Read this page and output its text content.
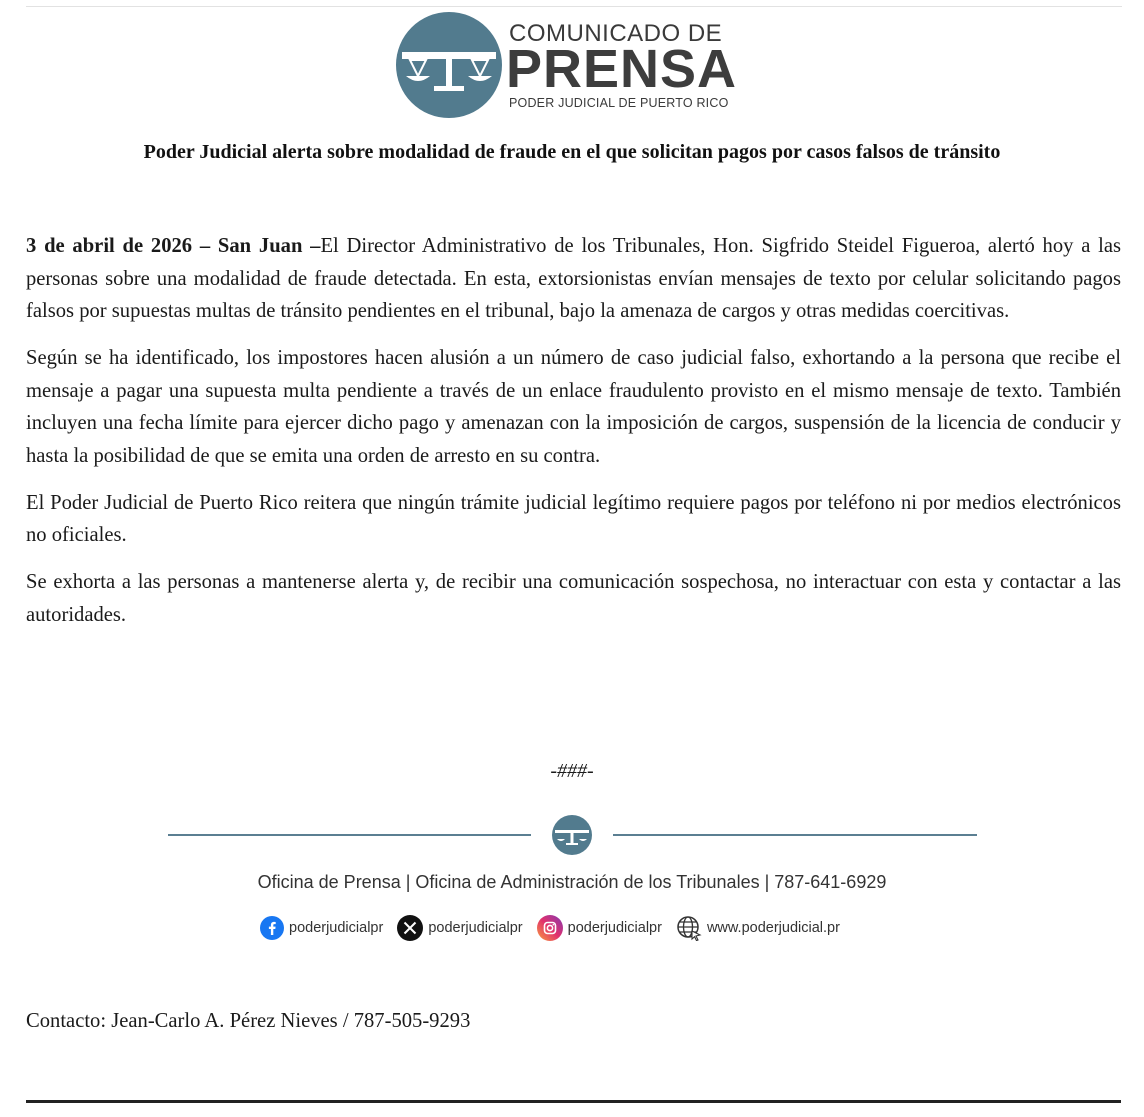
COMUNICADO DE
PRENSA
PODER JUDICIAL DE PUERTO RICO
Poder Judicial alerta sobre modalidad de fraude en el que solicitan pagos por casos falsos de tránsito

3 de abril de 2026 – San Juan –El Director Administrativo de los Tribunales, Hon. Sigfrido Steidel Figueroa, alertó hoy a las personas sobre una modalidad de fraude detectada. En esta, extorsionistas envían mensajes de texto por celular solicitando pagos falsos por supuestas multas de tránsito pendientes en el tribunal, bajo la amenaza de cargos y otras medidas coercitivas.

Según se ha identificado, los impostores hacen alusión a un número de caso judicial falso, exhortando a la persona que recibe el mensaje a pagar una supuesta multa pendiente a través de un enlace fraudulento provisto en el mismo mensaje de texto. También incluyen una fecha límite para ejercer dicho pago y amenazan con la imposición de cargos, suspensión de la licencia de conducir y hasta la posibilidad de que se emita una orden de arresto en su contra.

El Poder Judicial de Puerto Rico reitera que ningún trámite judicial legítimo requiere pagos por teléfono ni por medios electrónicos no oficiales.

Se exhorta a las personas a mantenerse alerta y, de recibir una comunicación sospechosa, no interactuar con esta y contactar a las autoridades.

-###-
Oficina de Prensa | Oficina de Administración de los Tribunales | 787-641-6929
poderjudicialpr	poderjudicialpr	poderjudicialpr	www.poderjudicial.pr
Contacto: Jean-Carlo A. Pérez Nieves / 787-505-9293
